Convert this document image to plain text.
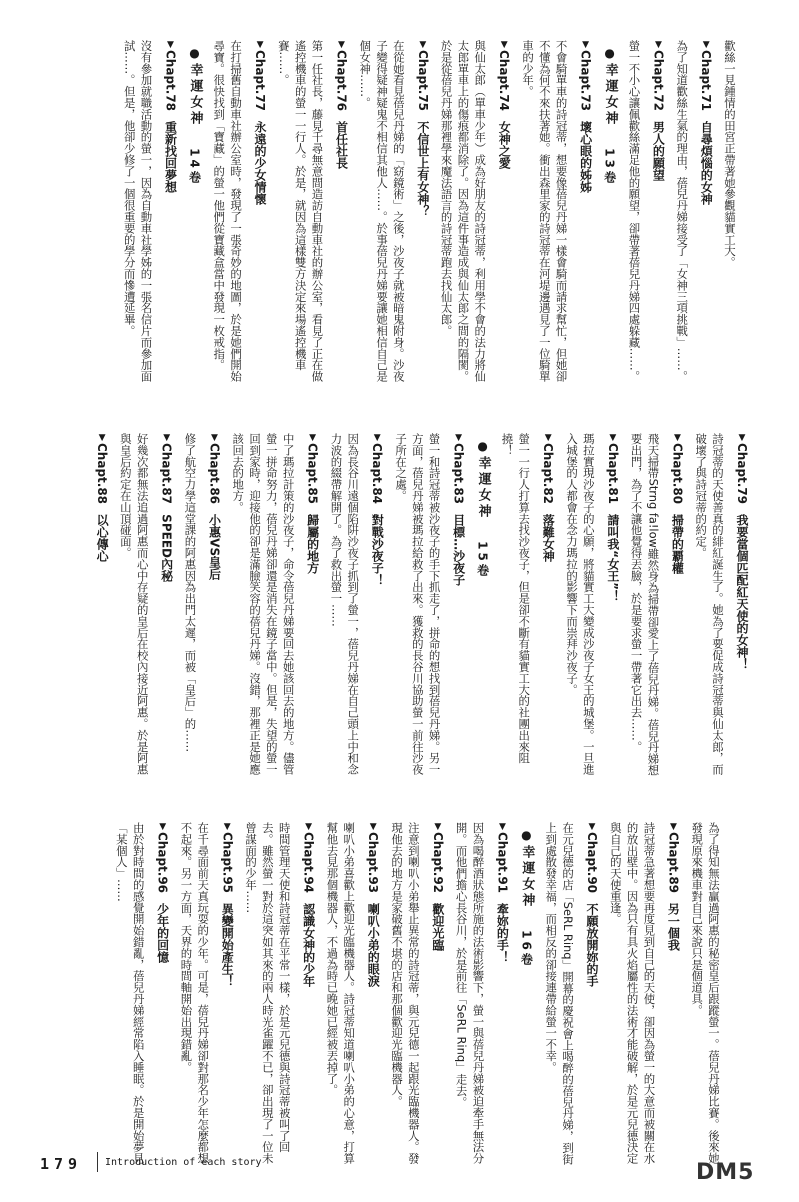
歡絲一見鍾情的田宮正帶著她參觀貓實工大。
▼Chapt.71 自尋煩惱的女神
為了知道歡絲生氣的理由，蓓兒丹娣接受了「女神三項挑戰」……。
▼Chapt.72 男人的願望
螢一不小心讓佩歡絲滿足他的願望，卻帶著蓓兒丹娣四處躲藏……。
●幸運女神 13卷
▼Chapt.73 壞心眼的姊姊
不會騎單車的詩冠蒂，想要像蓓兒丹娣一樣會騎而請求幫忙，但她卻不懂為何不來扶著她。衝出森里家的詩冠蒂在河堤邊遇見了一位騎單車的少年。
▼Chapt.74 女神之愛
與仙太郎（單車少年）成為好朋友的詩冠蒂，利用學不會的法力將仙太郎單車上的傷痕都消除了。因為這件事造成與仙太郎之間的隔閡。於是從蓓兒丹娣那裡學來魔法語言的詩冠蒂跑去找仙太郎。
▼Chapt.75 不信世上有女神？
在從她看見蓓兒丹娣的「窈鏡術」之後，沙夜子就被暗鬼附身。沙夜子變得疑神疑鬼不相信其他人……。於事蓓兒丹娣要讓她相信自己是個女神……。
▼Chapt.76 首任社長
第一任社長，藤見千尋無意間造訪自動車社的辦公室，看見了正在做遙控機車的螢一一行人。於是，就因為這樣雙方決定來場遙控機車賽……。
▼Chapt.77 永遠的少女情懷
在打掃舊自動車社辦公室時，發現了一張奇妙的地圖，於是她們開始尋寶。很快找到「寶藏」的螢一他們從寶藏盒當中發現一枚戒指。
●幸運女神 14卷
▼Chapt.78 重新找回夢想
沒有參加就職活動的螢一，因為自動車社學姊的一張名信片而參加面試……。但是，他卻少修了一個很重要的學分而慘遭延畢。
▼Chapt.79 我要當個匹配紅天使的女神！
詩冠蒂的天使善真的緋紅誕生了。她為了要促成詩冠蒂與仙太郎，而破壞了與詩冠蒂的約定。
▼Chapt.80 掃帶的覇權
飛天掃帶Strng fa!low雖然身為掃帶卻愛上了蓓兒丹娣。蓓兒丹娣想要出門，為了不讓他覺得丟臉，於是要求螢一帶著它出去……。
▼Chapt.81 請叫我“女王”！
瑪拉實現沙夜子的心願，將貓實工大變成沙夜子女王的城堡。一旦進入城堡的人都會在念力瑪拉的影響下而崇拜沙夜子。
▼Chapt.82 落難女神
螢一一行人打算去找沙夜子，但是卻不斷有貓實工大的社團出來阻撓！
●幸運女神 15卷
▼Chapt.83 目標…沙夜子
螢一和詩冠蒂被沙夜子的手下抓走了，拼命的想找到蓓兒丹娣。另一方面，蓓兒丹娣被瑪拉給救了出來。獲救的長谷川協助螢一前往沙夜子所在之處。
▼Chapt.84 對戰沙夜子！
因為長谷川遠個陷阱沙夜子抓到了螢一，蓓兒丹娣在自己頭上中和念力波的綴帶解開了。為了救出螢一……
▼Chapt.85 歸屬的地方
中了瑪拉計策的沙夜子，命令蓓兒丹娣要回去她該回去的地方。儘管螢一拼命努力，蓓兒丹娣卻還是消失在鏡子當中。但是，失望的螢一回到家時，迎接他的卻是滿臉笑容的蓓兒丹娣。沒錯，那裡正是她應該回去的地方。
▼Chapt.86 小惠VS皇后
修了航空力學這堂課的阿惠因為出門太遲，而被「皇后」的……
▼Chapt.87 SPEED內秘
好幾次都無法追過阿惠而心中存疑的皇后在校內接近阿惠。於是阿惠與皇后約定在山頂碰面。
▼Chapt.88 以心傳心
為了得知無法贏過阿惠的秘密皇后跟蹤螢一。蓓兒丹娣比賽。後來她發現原來機車對自己來說只是個道具。
▼Chapt.89 另一個我
詩冠蒂急著想要再度見到自己的天使，卻因為螢一的大意而被關在水的放出壁中。因為只有具火焰屬性的法術才能破解，於是元兒德決定與自己的天使重逢。
▼Chapt.90 不願放開妳的手
在元兒德的店「SeRL Rinq」開幕的慶祝會上喝醉的蓓兒丹娣，到街上到處散發幸福，而相反的卻接連帶給螢一不幸。
●幸運女神 16卷
▼Chapt.91 牽妳的手！
因為喝醉酒狀態所施的法術影響下，螢一與蓓兒丹娣被迫牽手無法分開。而他們擔心長谷川，於是前往「SeRL Rinq」走去。
▼Chapt.92 歡迎光臨
注意到喇叭小弟舉止異常的詩冠蒂，與元兒德一起跟光臨機器人。發現他去的地方是家破舊不堪的店和那個歡迎光臨機器人。
▼Chapt.93 喇叭小弟的眼淚
喇叭小弟喜歡上歡迎光臨機器人。詩冠蒂知道喇叭小弟的心意，打算幫他去見那個機器人，不過為時已晚她已經被丟掉了。
▼Chapt.94 認識女神的少年
時間管理天使和詩冠蒂在平常一樣，於是元兒德與詩冠蒂被叫了回去。雖然螢一對於這突如其來的兩人時光雀躍不已，卻出現了一位未曾謀面的少年……
▼Chapt.95 異變開始產生！
在千尋面前天真玩耍的少年。可是，蓓兒丹娣卻對那名少年怎麼都想不起來。另一方面，天界的時間軸開始出現錯亂。
▼Chapt.96 少年的回憶
由於對時間的感覺開始錯亂，蓓兒丹娣經常陷入睡眠。於是開始夢見「某個人」……
179 Introduction of each story	DM5
